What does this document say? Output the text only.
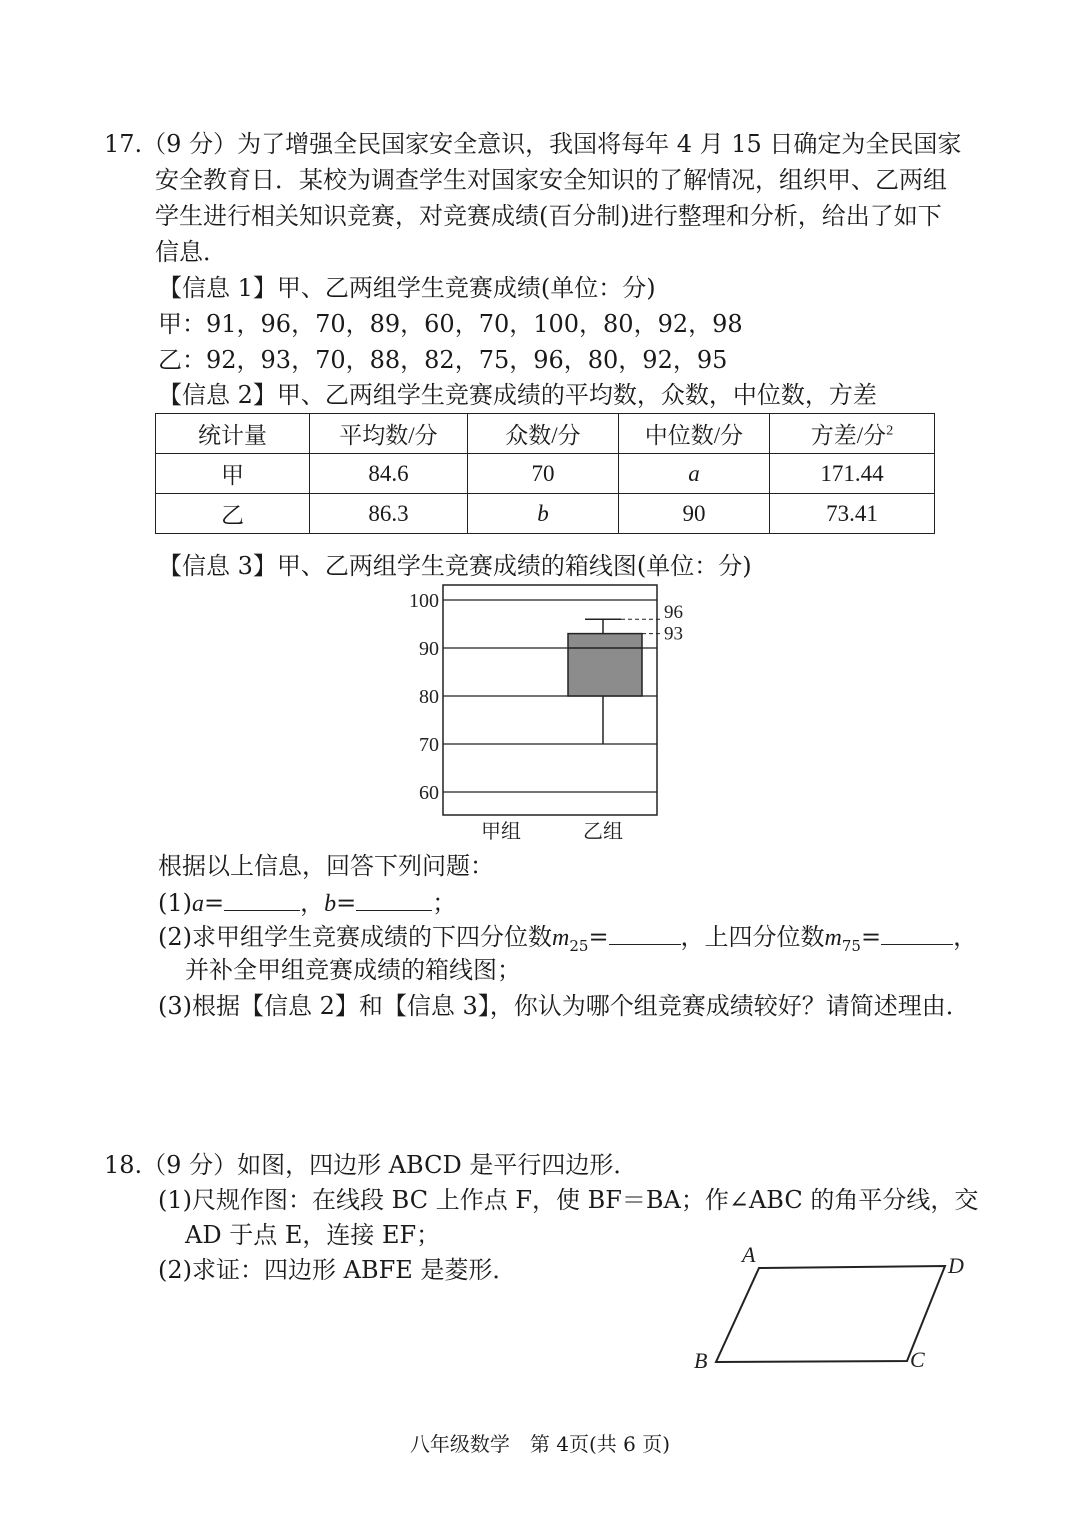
17.（9 分）为了增强全民国家安全意识，我国将每年 4 月 15 日确定为全民国家
安全教育日．某校为调查学生对国家安全知识的了解情况，组织甲、乙两组
学生进行相关知识竞赛，对竞赛成绩(百分制)进行整理和分析，给出了如下
信息．
【信息 1】甲、乙两组学生竞赛成绩(单位：分)
甲：91，96，70，89，60，70，100，80，92，98
乙：92，93，70，88，82，75，96，80，92，95
【信息 2】甲、乙两组学生竞赛成绩的平均数，众数，中位数，方差
统计量	平均数/分	众数/分	中位数/分	方差/分$^2$
甲	84.6	70	a	171.44
乙	86.3	b	90	73.41
【信息 3】甲、乙两组学生竞赛成绩的箱线图(单位：分)
100
90
80
70
60
96
93
甲组	乙组
根据以上信息，回答下列问题：
(1)a=	，b=	；
(2)求甲组学生竞赛成绩的下四分位数$m_{25}=$	，上四分位数$m_{75}=$	，
并补全甲组竞赛成绩的箱线图；
(3)根据【信息 2】和【信息 3】，你认为哪个组竞赛成绩较好？请简述理由．
18.（9 分）如图，四边形 ABCD 是平行四边形．
(1)尺规作图：在线段 BC 上作点 F，使 BF＝BA；作∠ABC 的角平分线，交
AD 于点 E，连接 EF；
(2)求证：四边形 ABFE 是菱形．
A	D
B	C
八年级数学　第 4页(共 6 页)
